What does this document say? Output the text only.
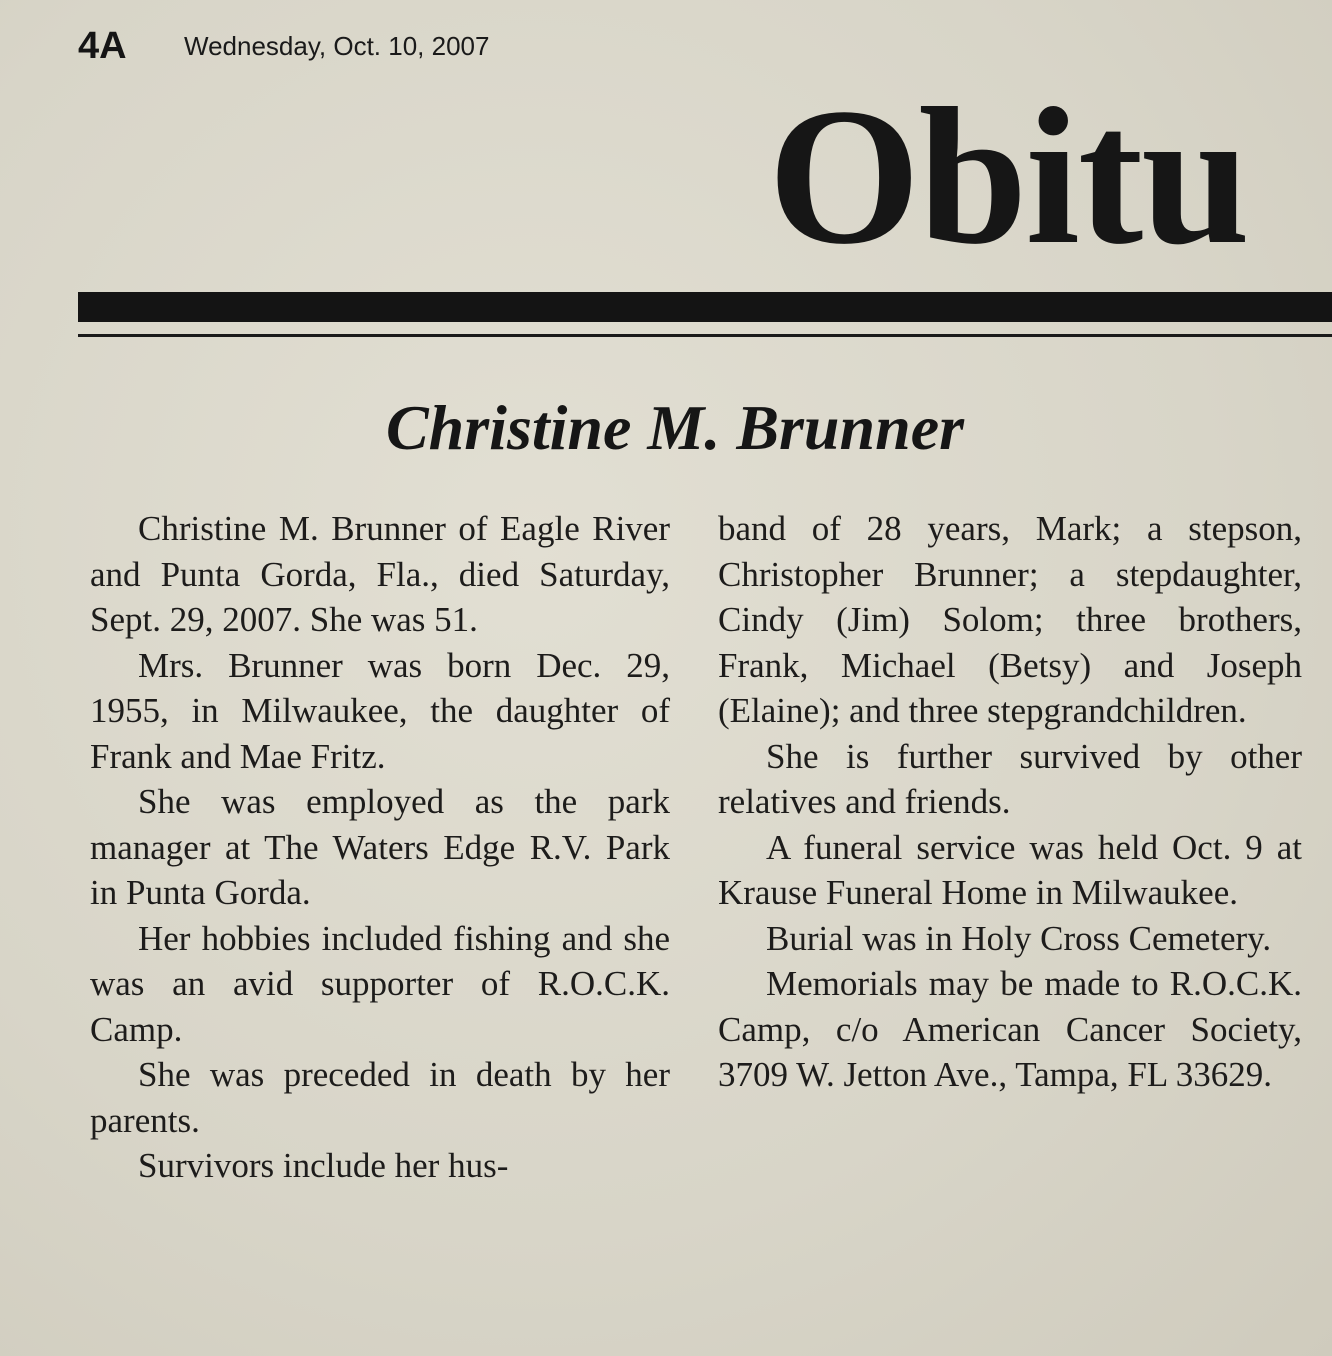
4A Wednesday, Oct. 10, 2007
Obitu
Christine M. Brunner

Christine M. Brunner of Eagle River and Punta Gorda, Fla., died Saturday, Sept. 29, 2007. She was 51.

Mrs. Brunner was born Dec. 29, 1955, in Milwaukee, the daughter of Frank and Mae Fritz.

She was employed as the park manager at The Waters Edge R.V. Park in Punta Gorda.

Her hobbies included fishing and she was an avid supporter of R.O.C.K. Camp.

She was preceded in death by her parents.

Survivors include her hus-

band of 28 years, Mark; a stepson, Christopher Brunner; a stepdaughter, Cindy (Jim) Solom; three brothers, Frank, Michael (Betsy) and Joseph (Elaine); and three stepgrandchildren.

She is further survived by other relatives and friends.

A funeral service was held Oct. 9 at Krause Funeral Home in Milwaukee.

Burial was in Holy Cross Cemetery.

Memorials may be made to R.O.C.K. Camp, c/o American Cancer Society, 3709 W. Jetton Ave., Tampa, FL 33629.
